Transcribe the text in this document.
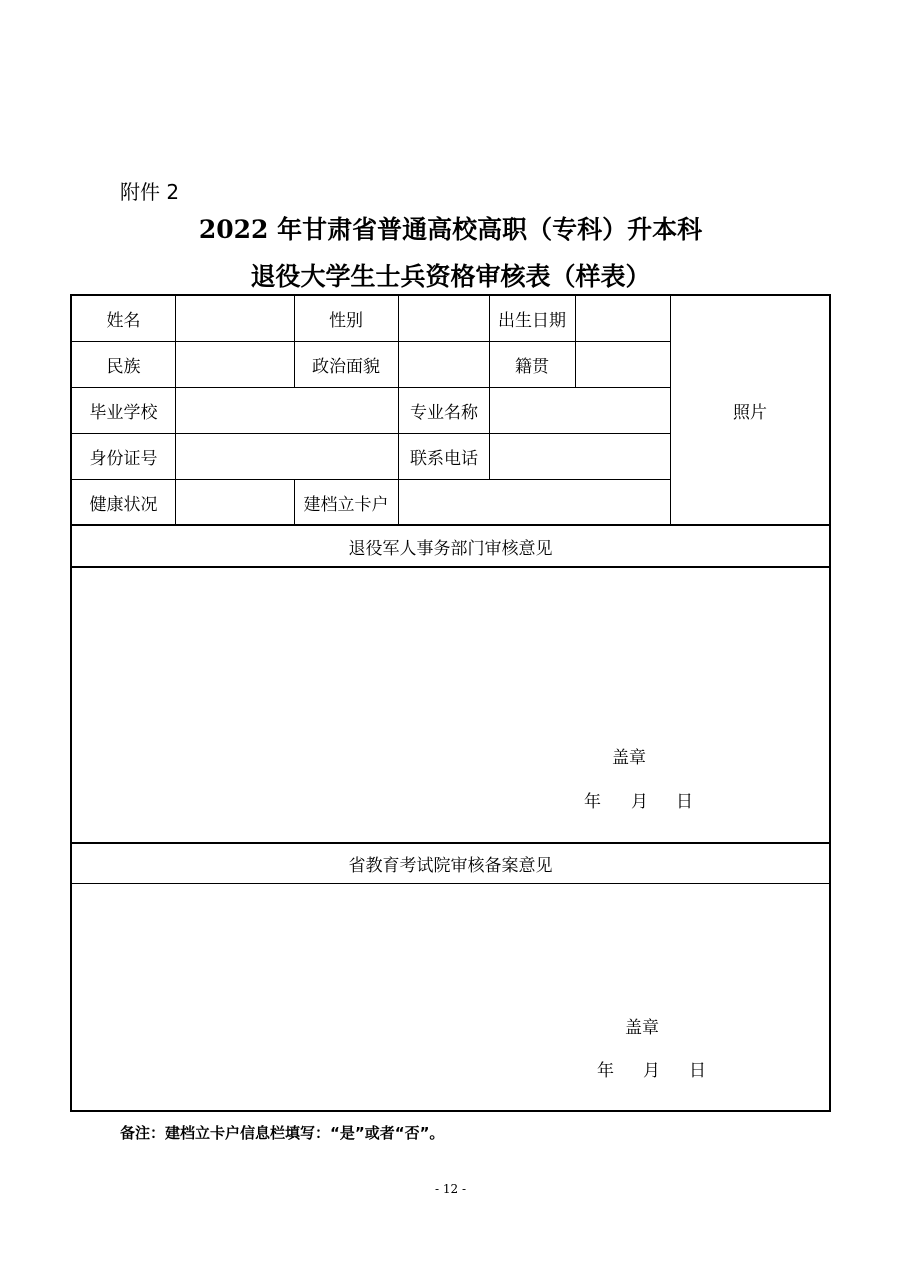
附件 2
2022 年甘肃省普通高校高职（专科）升本科
退役大学生士兵资格审核表（样表）
姓名	性别	出生日期
照片
民族	政治面貌	籍贯
毕业学校	专业名称
身份证号	联系电话
健康状况	建档立卡户
退役军人事务部门审核意见
盖章
年 月 日
省教育考试院审核备案意见
盖章
年 月 日
备注：建档立卡户信息栏填写：“是”或者“否”。
- 12 -
